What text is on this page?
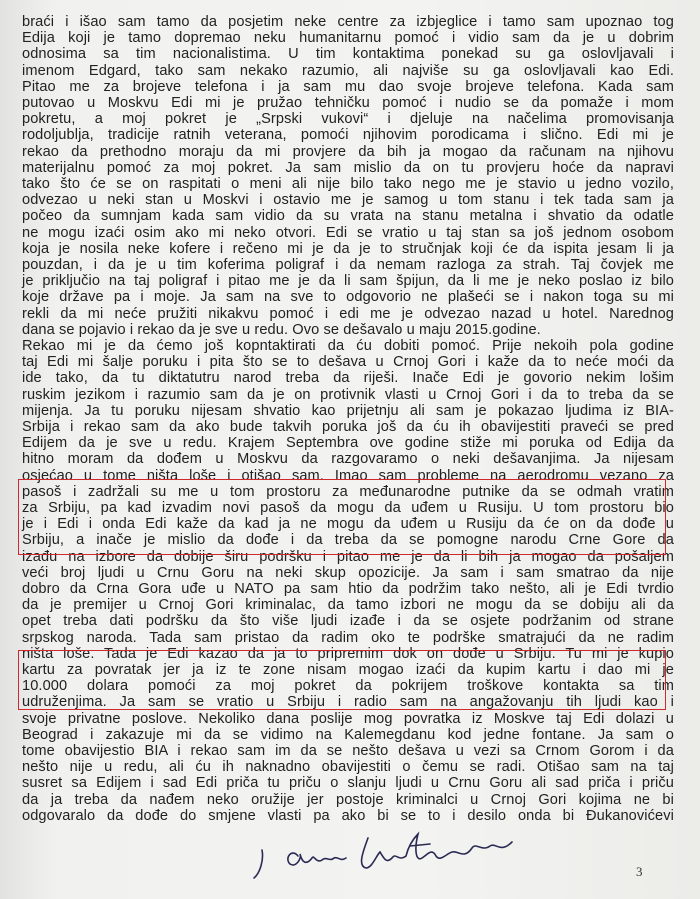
braći i išao sam tamo da posjetim neke centre za izbjeglice i tamo sam upoznao tog
Edija koji je tamo dopremao neku humanitarnu pomoć i vidio sam da je u dobrim
odnosima sa tim nacionalistima. U tim kontaktima ponekad su ga oslovljavali i
imenom Edgard, tako sam nekako razumio, ali najviše su ga oslovljavali kao Edi.
Pitao me za brojeve telefona i ja sam mu dao svoje brojeve telefona. Kada sam
putovao u Moskvu Edi mi je pružao tehničku pomoć i nudio se da pomaže i mom
pokretu, a moj pokret je „Srpski vukovi“ i djeluje na načelima promovisanja
rodoljublja, tradicije ratnih veterana, pomoći njihovim porodicama i slično. Edi mi je
rekao da prethodno moraju da mi provjere da bih ja mogao da računam na njihovu
materijalnu pomoć za moj pokret. Ja sam mislio da on tu provjeru hoće da napravi
tako što će se on raspitati o meni ali nije bilo tako nego me je stavio u jedno vozilo,
odvezao u neki stan u Moskvi i ostavio me je samog u tom stanu i tek tada sam ja
počeo da sumnjam kada sam vidio da su vrata na stanu metalna i shvatio da odatle
ne mogu izaći osim ako mi neko otvori. Edi se vratio u taj stan sa još jednom osobom
koja je nosila neke kofere i rečeno mi je da je to stručnjak koji će da ispita jesam li ja
pouzdan, i da je u tim koferima poligraf i da nemam razloga za strah. Taj čovjek me
je priključio na taj poligraf i pitao me je da li sam špijun, da li me je neko poslao iz bilo
koje države pa i moje. Ja sam na sve to odgovorio ne plašeći se i nakon toga su mi
rekli da mi neće pružiti nikakvu pomoć i edi me je odvezao nazad u hotel. Narednog
dana se pojavio i rekao da je sve u redu. Ovo se dešavalo u maju 2015.godine.
Rekao mi je da ćemo još kopntaktirati da ću dobiti pomoć. Prije nekoih pola godine
taj Edi mi šalje poruku i pita što se to dešava u Crnoj Gori i kaže da to neće moći da
ide tako, da tu diktatutru narod treba da riješi. Inače Edi je govorio nekim lošim
ruskim jezikom i razumio sam da je on protivnik vlasti u Crnoj Gori i da to treba da se
mijenja. Ja tu poruku nijesam shvatio kao prijetnju ali sam je pokazao ljudima iz BIA-
Srbija i rekao sam da ako bude takvih poruka još da ću ih obavijestiti praveći se pred
Edijem da je sve u redu. Krajem Septembra ove godine stiže mi poruka od Edija da
hitno moram da dođem u Moskvu da razgovaramo o neki dešavanjima. Ja nijesam
osjećao u tome ništa loše i otišao sam. Imao sam probleme na aerodromu vezano za
pasoš i zadržali su me u tom prostoru za međunarodne putnike da se odmah vratim
za Srbiju, pa kad izvadim novi pasoš da mogu da uđem u Rusiju. U tom prostoru bio
je i Edi i onda Edi kaže da kad ja ne mogu da uđem u Rusiju da će on da dođe u
Srbiju, a inače je mislio da dođe i da treba da se pomogne narodu Crne Gore da
izađu na izbore da dobije širu podršku i pitao me je da li bih ja mogao da pošaljem
veći broj ljudi u Crnu Goru na neki skup opozicije. Ja sam i sam smatrao da nije
dobro da Crna Gora uđe u NATO pa sam htio da podržim tako nešto, ali je Edi tvrdio
da je premijer u Crnoj Gori kriminalac, da tamo izbori ne mogu da se dobiju ali da
opet treba dati podršku da što više ljudi izađe i da se osjete podržanim od strane
srpskog naroda. Tada sam pristao da radim oko te podrške smatrajući da ne radim
ništa loše. Tada je Edi kazao da ja to pripremim dok on dođe u Srbiju. Tu mi je kupio
kartu za povratak jer ja iz te zone nisam mogao izaći da kupim kartu i dao mi je
10.000 dolara pomoći za moj pokret da pokrijem troškove kontakta sa tim
udruženjima. Ja sam se vratio u Srbiju i radio sam na angažovanju tih ljudi kao i
svoje privatne poslove. Nekoliko dana poslije mog povratka iz Moskve taj Edi dolazi u
Beograd i zakazuje mi da se vidimo na Kalemegdanu kod jedne fontane. Ja sam o
tome obavijestio BIA i rekao sam im da se nešto dešava u vezi sa Crnom Gorom i da
nešto nije u redu, ali ću ih naknadno obavijestiti o čemu se radi. Otišao sam na taj
susret sa Edijem i sad Edi priča tu priču o slanju ljudi u Crnu Goru ali sad priča i priču
da ja treba da nađem neko oružije jer postoje kriminalci u Crnoj Gori kojima ne bi
odgovaralo da dođe do smjene vlasti pa ako bi se to i desilo onda bi Đukanovićevi
3
